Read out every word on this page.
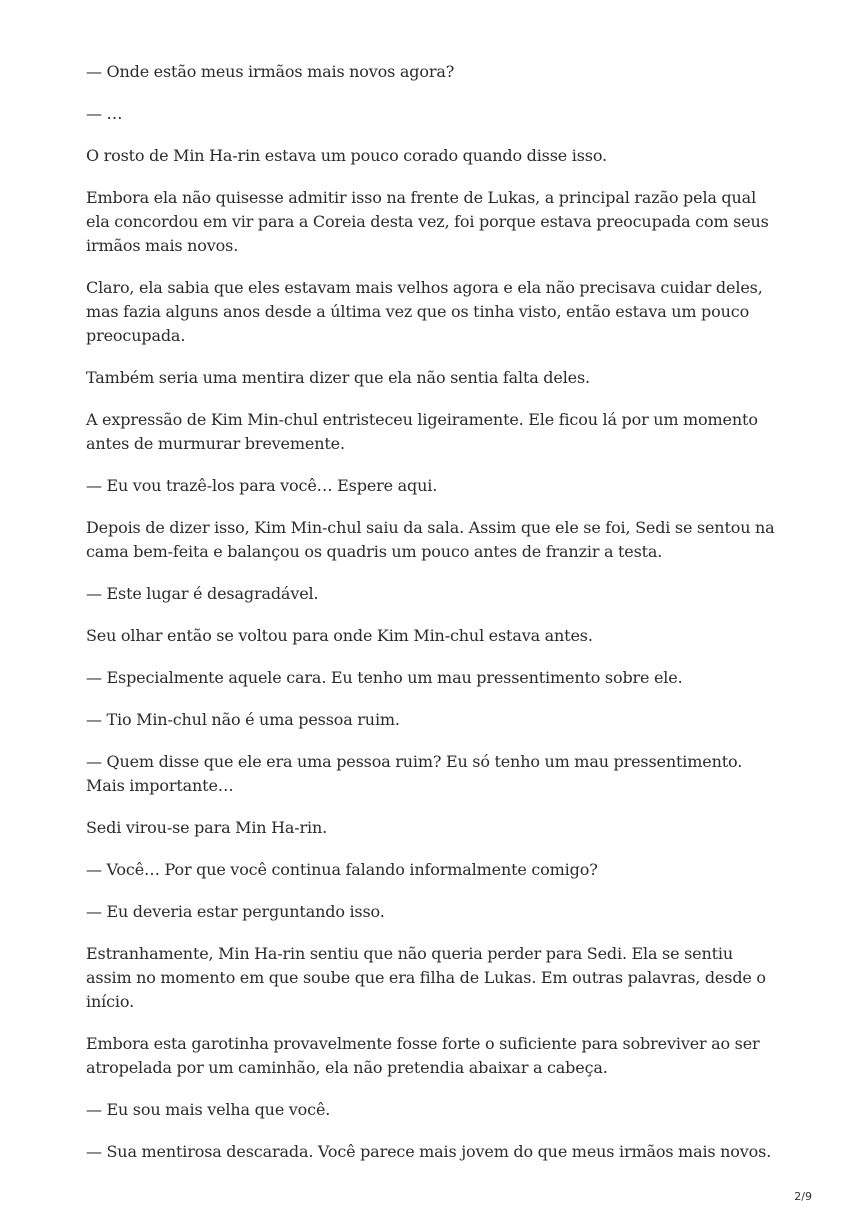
— Onde estão meus irmãos mais novos agora?

— …

O rosto de Min Ha-rin estava um pouco corado quando disse isso.

Embora ela não quisesse admitir isso na frente de Lukas, a principal razão pela qual ela concordou em vir para a Coreia desta vez, foi porque estava preocupada com seus irmãos mais novos.

Claro, ela sabia que eles estavam mais velhos agora e ela não precisava cuidar deles, mas fazia alguns anos desde a última vez que os tinha visto, então estava um pouco preocupada.

Também seria uma mentira dizer que ela não sentia falta deles.

A expressão de Kim Min-chul entristeceu ligeiramente. Ele ficou lá por um momento antes de murmurar brevemente.

— Eu vou trazê-los para você… Espere aqui.

Depois de dizer isso, Kim Min-chul saiu da sala. Assim que ele se foi, Sedi se sentou na cama bem-feita e balançou os quadris um pouco antes de franzir a testa.

— Este lugar é desagradável.

Seu olhar então se voltou para onde Kim Min-chul estava antes.

— Especialmente aquele cara. Eu tenho um mau pressentimento sobre ele.

— Tio Min-chul não é uma pessoa ruim.

— Quem disse que ele era uma pessoa ruim? Eu só tenho um mau pressentimento. Mais importante…

Sedi virou-se para Min Ha-rin.

— Você… Por que você continua falando informalmente comigo?

— Eu deveria estar perguntando isso.

Estranhamente, Min Ha-rin sentiu que não queria perder para Sedi. Ela se sentiu assim no momento em que soube que era filha de Lukas. Em outras palavras, desde o início.

Embora esta garotinha provavelmente fosse forte o suficiente para sobreviver ao ser atropelada por um caminhão, ela não pretendia abaixar a cabeça.

— Eu sou mais velha que você.

— Sua mentirosa descarada. Você parece mais jovem do que meus irmãos mais novos.

2/9
